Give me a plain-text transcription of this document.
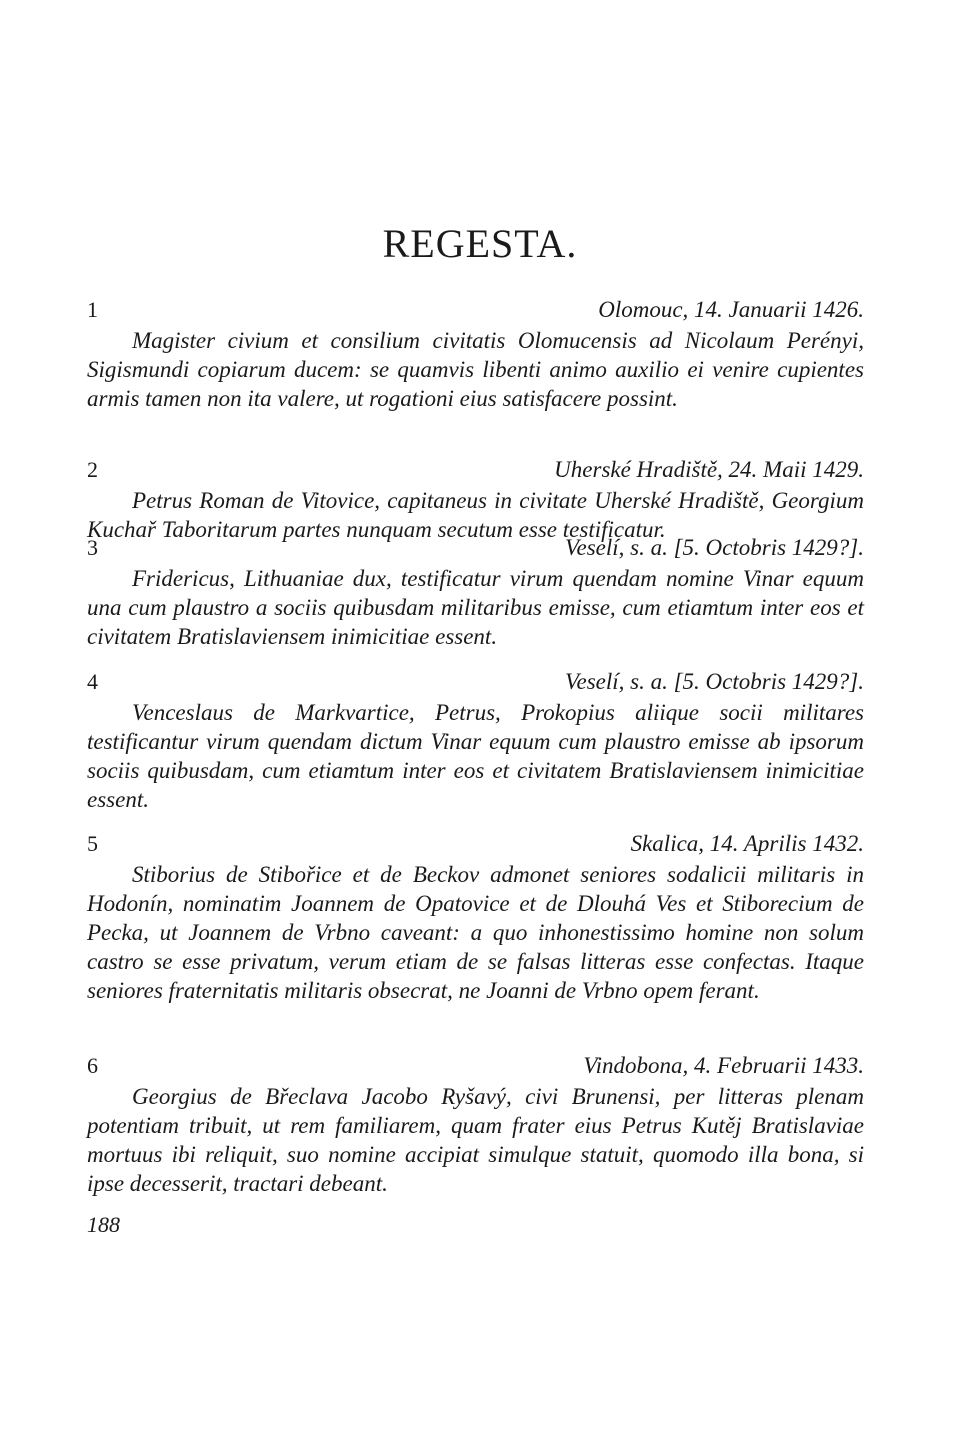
REGESTA.
1	Olomouc, 14. Januarii 1426.

Magister civium et consilium civitatis Olomucensis ad Nicolaum Perényi, Sigismundi copiarum ducem: se quamvis libenti animo auxilio ei venire cupientes armis tamen non ita valere, ut rogationi eius satisfacere possint.

2	Uherské Hradiště, 24. Maii 1429.

Petrus Roman de Vitovice, capitaneus in civitate Uherské Hradiště, Georgium Kuchař Taboritarum partes nunquam secutum esse testificatur.

3	Veselí, s. a. [5. Octobris 1429?].

Fridericus, Lithuaniae dux, testificatur virum quendam nomine Vinar equum una cum plaustro a sociis quibusdam militaribus emisse, cum etiamtum inter eos et civitatem Bratislaviensem inimicitiae essent.

4	Veselí, s. a. [5. Octobris 1429?].

Venceslaus de Markvartice, Petrus, Prokopius aliique socii militares testificantur virum quendam dictum Vinar equum cum plaustro emisse ab ipsorum sociis quibusdam, cum etiamtum inter eos et civitatem Bratislaviensem inimicitiae essent.

5	Skalica, 14. Aprilis 1432.

Stiborius de Stibořice et de Beckov admonet seniores sodalicii militaris in Hodonín, nominatim Joannem de Opatovice et de Dlouhá Ves et Stiborecium de Pecka, ut Joannem de Vrbno caveant: a quo inhonestissimo homine non solum castro se esse privatum, verum etiam de se falsas litteras esse confectas. Itaque seniores fraternitatis militaris obsecrat, ne Joanni de Vrbno opem ferant.

6	Vindobona, 4. Februarii 1433.

Georgius de Břeclava Jacobo Ryšavý, civi Brunensi, per litteras plenam potentiam tribuit, ut rem familiarem, quam frater eius Petrus Kutěj Bratislaviae mortuus ibi reliquit, suo nomine accipiat simulque statuit, quomodo illa bona, si ipse decesserit, tractari debeant.

188
